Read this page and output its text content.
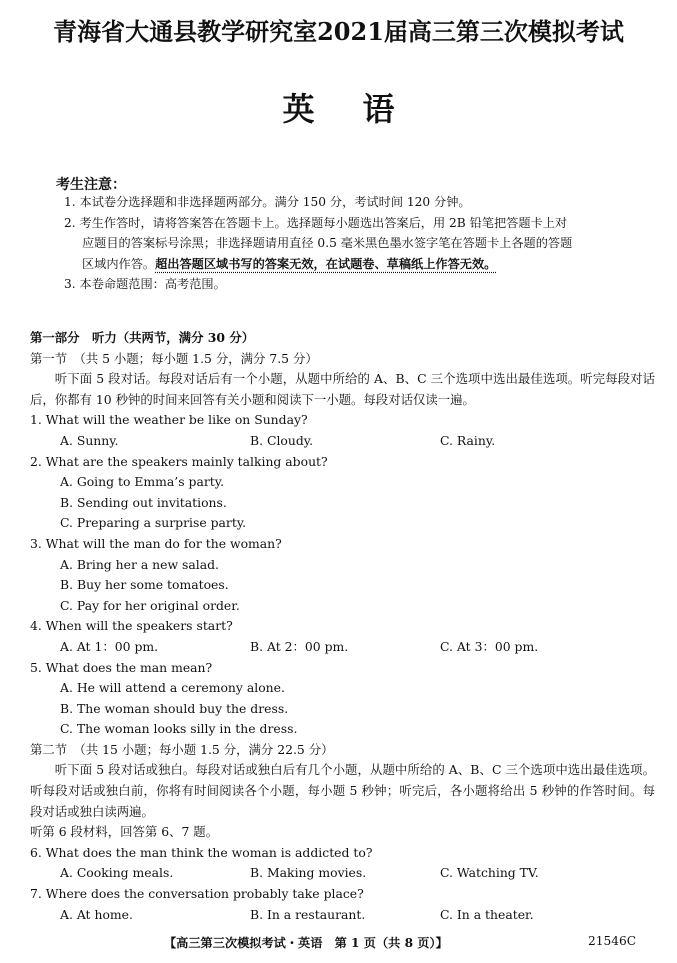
青海省大通县教学研究室2021届高三第三次模拟考试
英语
考生注意：
1. 本试卷分选择题和非选择题两部分。满分 150 分，考试时间 120 分钟。
2. 考生作答时，请将答案答在答题卡上。选择题每小题选出答案后，用 2B 铅笔把答题卡上对
应题目的答案标号涂黑；非选择题请用直径 0.5 毫米黑色墨水签字笔在答题卡上各题的答题
区域内作答。超出答题区域书写的答案无效，在试题卷、草稿纸上作答无效。
3. 本卷命题范围：高考范围。
第一部分　听力（共两节，满分 30 分）
第一节　（共 5 小题；每小题 1.5 分，满分 7.5 分）
听下面 5 段对话。每段对话后有一个小题，从题中所给的 A、B、C 三个选项中选出最佳选项。听完每段对话后，你都有 10 秒钟的时间来回答有关小题和阅读下一小题。每段对话仅读一遍。
1. What will the weather be like on Sunday?
A. Sunny.	B. Cloudy.	C. Rainy.
2. What are the speakers mainly talking about?
A. Going to Emma’s party.
B. Sending out invitations.
C. Preparing a surprise party.
3. What will the man do for the woman?
A. Bring her a new salad.
B. Buy her some tomatoes.
C. Pay for her original order.
4. When will the speakers start?
A. At 1：00 pm.	B. At 2：00 pm.	C. At 3：00 pm.
5. What does the man mean?
A. He will attend a ceremony alone.
B. The woman should buy the dress.
C. The woman looks silly in the dress.
第二节　（共 15 小题；每小题 1.5 分，满分 22.5 分）
听下面 5 段对话或独白。每段对话或独白后有几个小题，从题中所给的 A、B、C 三个选项中选出最佳选项。听每段对话或独白前，你将有时间阅读各个小题，每小题 5 秒钟；听完后，各小题将给出 5 秒钟的作答时间。每段对话或独白读两遍。
听第 6 段材料，回答第 6、7 题。
6. What does the man think the woman is addicted to?
A. Cooking meals.	B. Making movies.	C. Watching TV.
7. Where does the conversation probably take place?
A. At home.	B. In a restaurant.	C. In a theater.
【高三第三次模拟考试・英语　第 1 页（共 8 页）】	21546C
